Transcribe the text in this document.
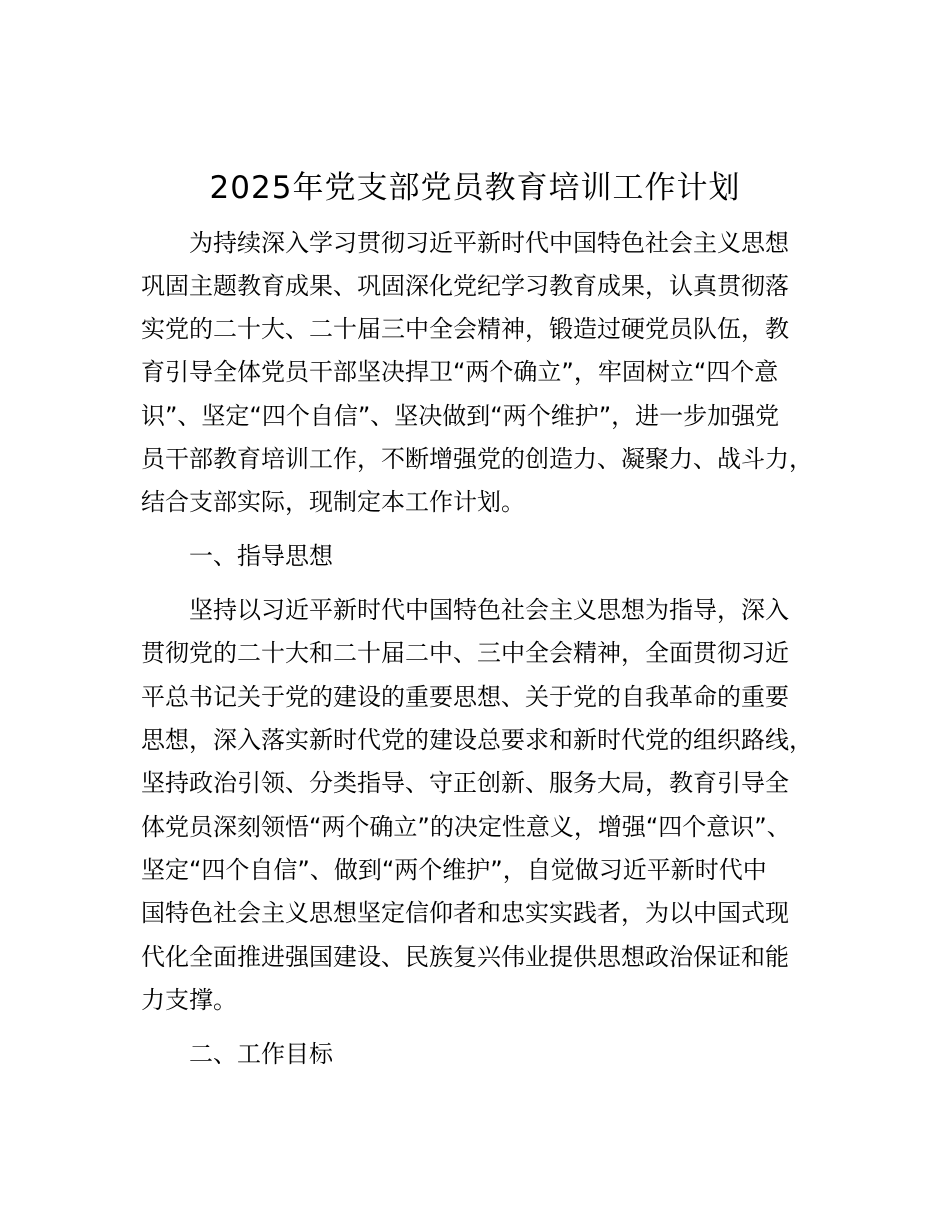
2025年党支部党员教育培训工作计划

为持续深入学习贯彻习近平新时代中国特色社会主义思想

巩固主题教育成果、巩固深化党纪学习教育成果，认真贯彻落

实党的二十大、二十届三中全会精神，锻造过硬党员队伍，教

育引导全体党员干部坚决捍卫“两个确立”，牢固树立“四个意

识”、坚定“四个自信”、坚决做到“两个维护”，进一步加强党

员干部教育培训工作，不断增强党的创造力、凝聚力、战斗力，

结合支部实际，现制定本工作计划。

一、指导思想

坚持以习近平新时代中国特色社会主义思想为指导，深入

贯彻党的二十大和二十届二中、三中全会精神，全面贯彻习近

平总书记关于党的建设的重要思想、关于党的自我革命的重要

思想，深入落实新时代党的建设总要求和新时代党的组织路线，

坚持政治引领、分类指导、守正创新、服务大局，教育引导全

体党员深刻领悟“两个确立”的决定性意义，增强“四个意识”、

坚定“四个自信”、做到“两个维护”，自觉做习近平新时代中

国特色社会主义思想坚定信仰者和忠实实践者，为以中国式现

代化全面推进强国建设、民族复兴伟业提供思想政治保证和能

力支撑。

二、工作目标
